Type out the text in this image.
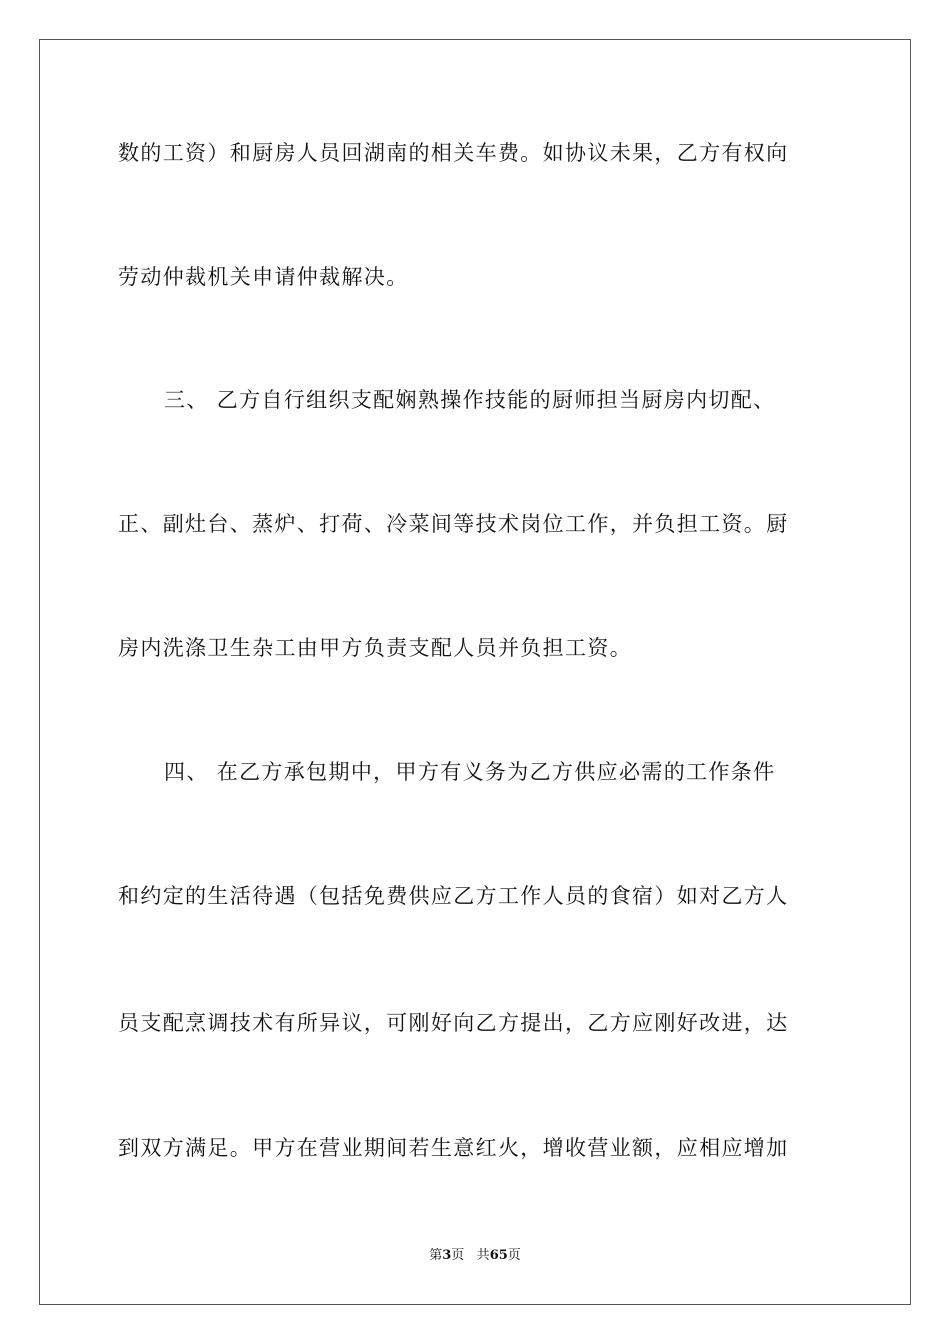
数的工资）和厨房人员回湖南的相关车费。如协议未果，乙方有权向
劳动仲裁机关申请仲裁解决。
三、 乙方自行组织支配娴熟操作技能的厨师担当厨房内切配、
正、副灶台、蒸炉、打荷、冷菜间等技术岗位工作，并负担工资。厨
房内洗涤卫生杂工由甲方负责支配人员并负担工资。
四、 在乙方承包期中，甲方有义务为乙方供应必需的工作条件
和约定的生活待遇（包括免费供应乙方工作人员的食宿）如对乙方人
员支配烹调技术有所异议，可刚好向乙方提出，乙方应刚好改进，达
到双方满足。甲方在营业期间若生意红火，增收营业额，应相应增加
第3页 共65页
